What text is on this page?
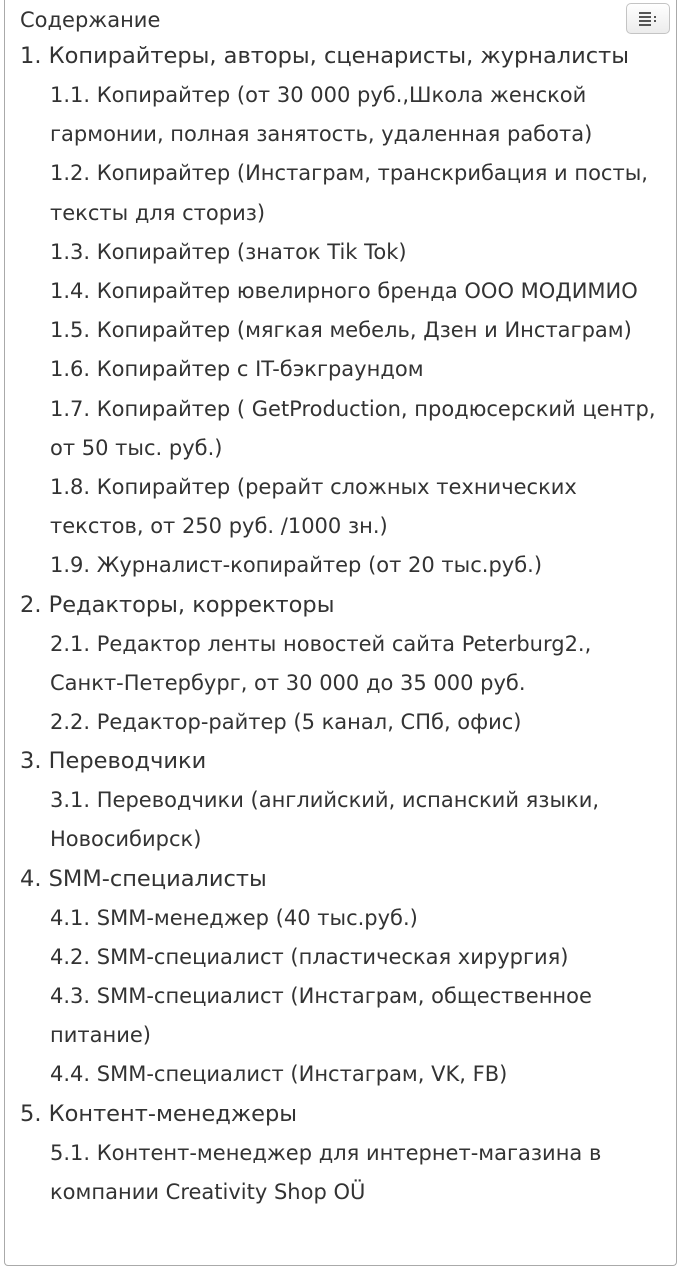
Содержание
1. Копирайтеры, авторы, сценаристы, журналисты
1.1. Копирайтер (от 30 000 руб.,Школа женской гармонии, полная занятость, удаленная работа)
1.2. Копирайтер (Инстаграм, транскрибация и посты, тексты для сториз)
1.3. Копирайтер (знаток Tik Tok)
1.4. Копирайтер ювелирного бренда ООО МОДИМИО
1.5. Копирайтер (мягкая мебель, Дзен и Инстаграм)
1.6. Копирайтер с IT-бэкграундом
1.7. Копирайтер ( GetProduction, продюсерский центр, от 50 тыс. руб.)
1.8. Копирайтер (рерайт сложных технических текстов, от 250 руб. /1000 зн.)
1.9. Журналист-копирайтер (от 20 тыс.руб.)
2. Редакторы, корректоры
2.1. Редактор ленты новостей сайта Peterburg2., Санкт-Петербург, от 30 000 до 35 000 руб.
2.2. Редактор-райтер (5 канал, СПб, офис)
3. Переводчики
3.1. Переводчики (английский, испанский языки, Новосибирск)
4. SMM-специалисты
4.1. SMM-менеджер (40 тыс.руб.)
4.2. SMM-специалист (пластическая хирургия)
4.3. SMM-специалист (Инстаграм, общественное питание)
4.4. SMM-специалист (Инстаграм, VK, FB)
5. Контент-менеджеры
5.1. Контент-менеджер для интернет-магазина в компании Creativity Shop OÜ
